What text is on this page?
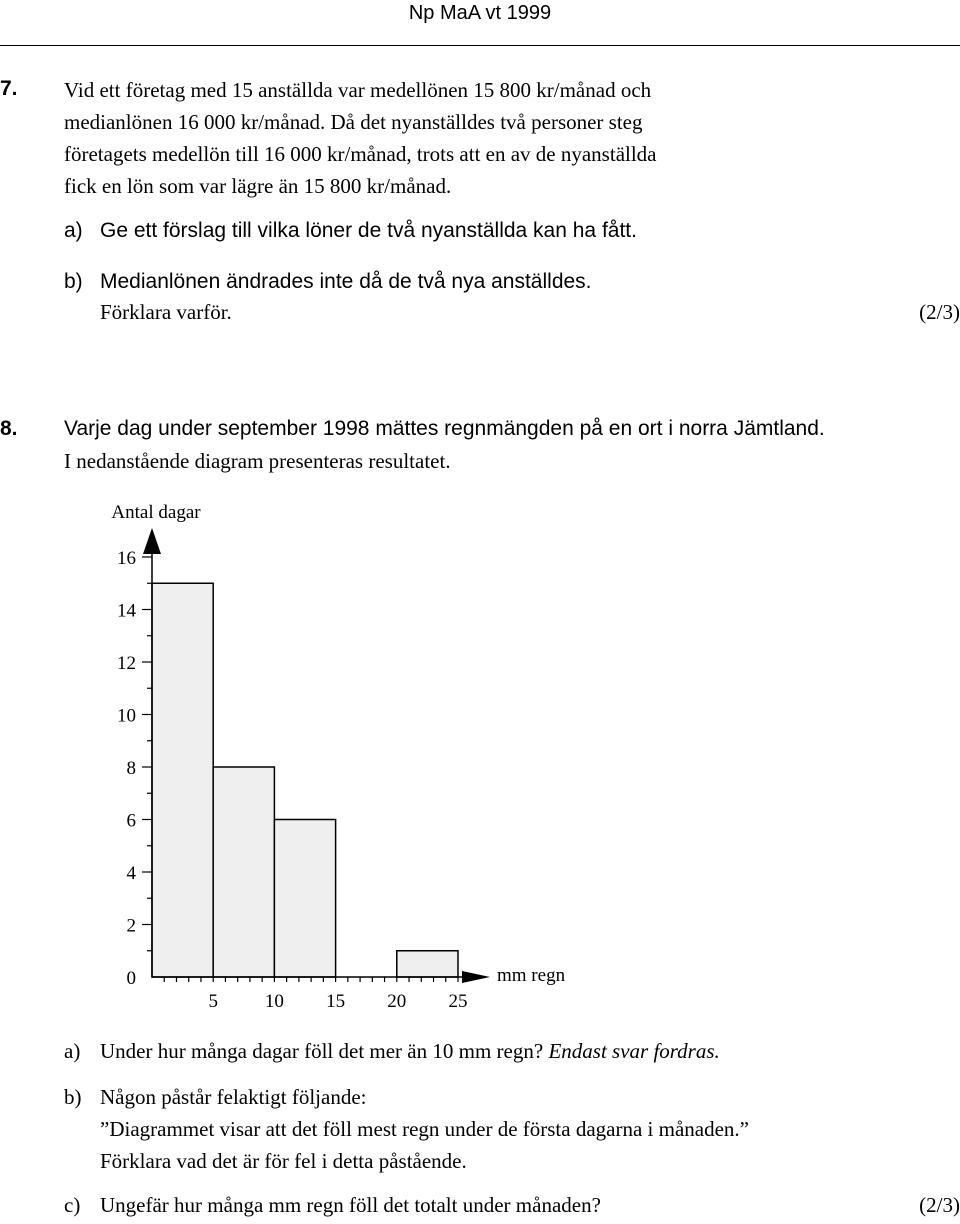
Np MaA vt 1999
7. Vid ett företag med 15 anställda var medellönen 15 800 kr/månad och
medianlönen 16 000 kr/månad. Då det nyanställdes två personer steg
företagets medellön till 16 000 kr/månad, trots att en av de nyanställda
fick en lön som var lägre än 15 800 kr/månad.
a) Ge ett förslag till vilka löner de två nyanställda kan ha fått.
b) Medianlönen ändrades inte då de två nya anställdes.
Förklara varför.	(2/3)
8. Varje dag under september 1998 mättes regnmängden på en ort i norra Jämtland.
I nedanstående diagram presenteras resultatet.
0
2
4
6
8
10
12
14
16
5 10 15 20 25
Antal dagar
mm regn
a) Under hur många dagar föll det mer än 10 mm regn? Endast svar fordras.
b) Någon påstår felaktigt följande:
”Diagrammet visar att det föll mest regn under de första dagarna i månaden.”
Förklara vad det är för fel i detta påstående.
c) Ungefär hur många mm regn föll det totalt under månaden?	(2/3)
